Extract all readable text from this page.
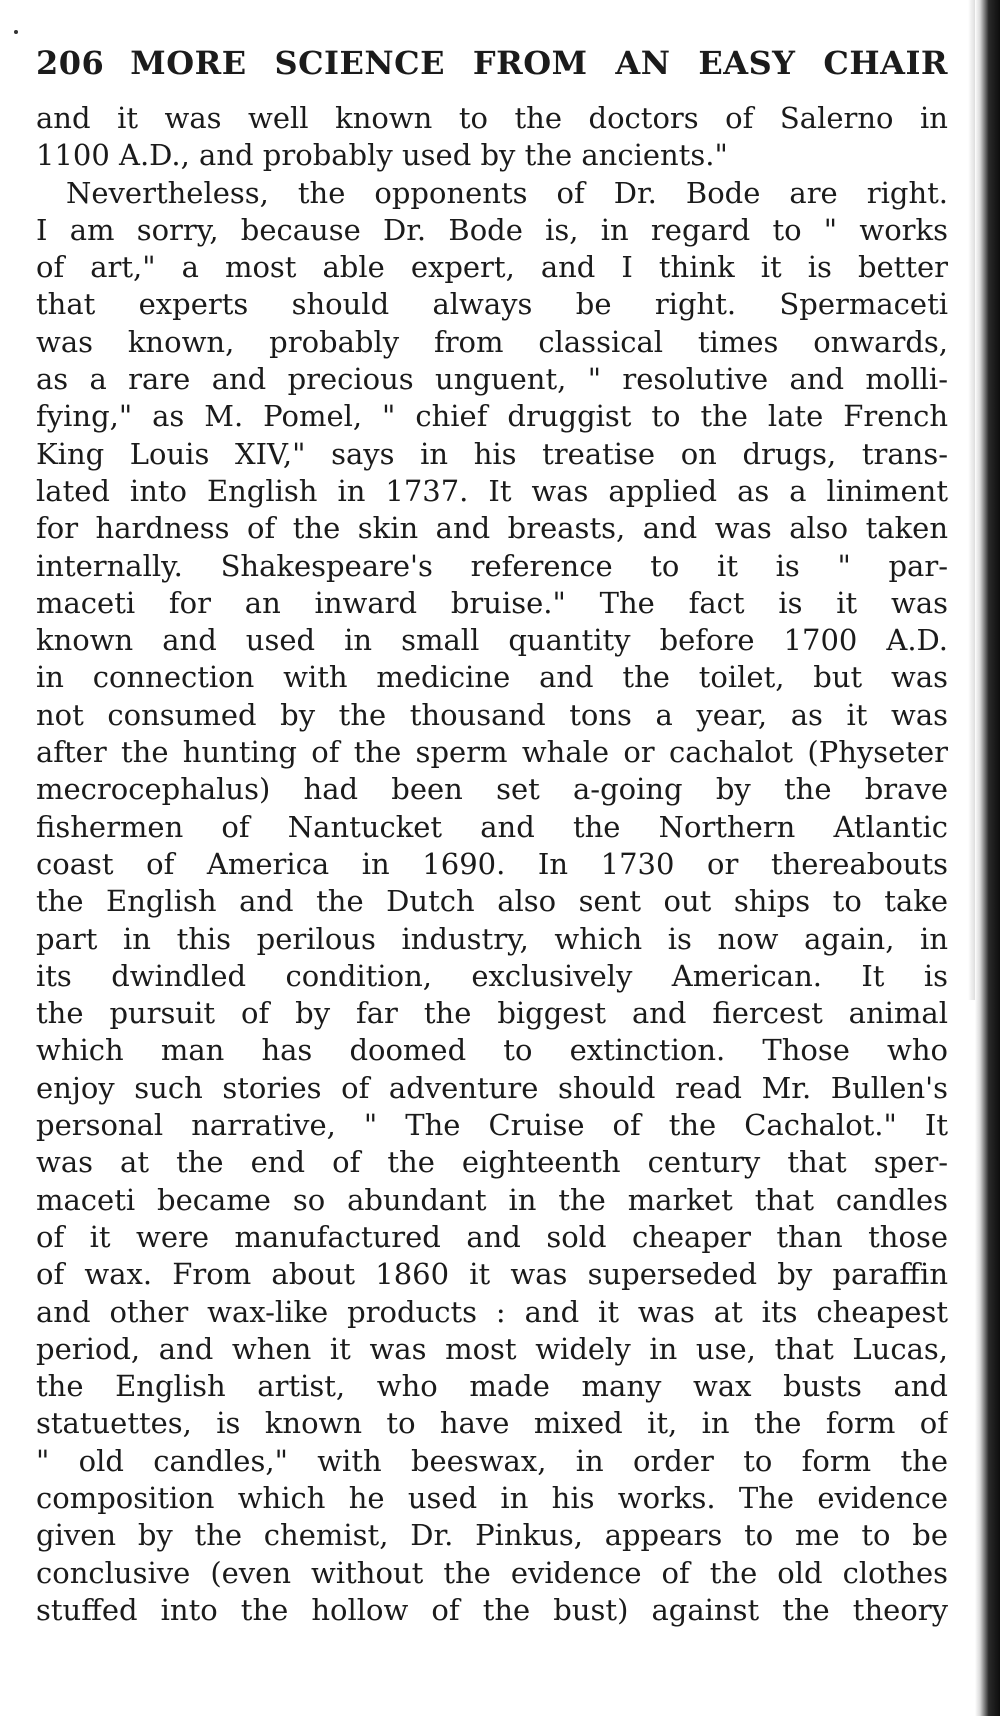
206 MORE SCIENCE FROM AN EASY CHAIR
and it was well known to the doctors of Salerno in
1100 A.D., and probably used by the ancients."
Nevertheless, the opponents of Dr. Bode are right.
I am sorry, because Dr. Bode is, in regard to " works
of art," a most able expert, and I think it is better
that experts should always be right. Spermaceti
was known, probably from classical times onwards,
as a rare and precious unguent, " resolutive and molli-
fying," as M. Pomel, " chief druggist to the late French
King Louis XIV," says in his treatise on drugs, trans-
lated into English in 1737. It was applied as a liniment
for hardness of the skin and breasts, and was also taken
internally. Shakespeare's reference to it is " par-
maceti for an inward bruise." The fact is it was
known and used in small quantity before 1700 A.D.
in connection with medicine and the toilet, but was
not consumed by the thousand tons a year, as it was
after the hunting of the sperm whale or cachalot (Physeter
mecrocephalus) had been set a-going by the brave
fishermen of Nantucket and the Northern Atlantic
coast of America in 1690. In 1730 or thereabouts
the English and the Dutch also sent out ships to take
part in this perilous industry, which is now again, in
its dwindled condition, exclusively American. It is
the pursuit of by far the biggest and fiercest animal
which man has doomed to extinction. Those who
enjoy such stories of adventure should read Mr. Bullen's
personal narrative, " The Cruise of the Cachalot." It
was at the end of the eighteenth century that sper-
maceti became so abundant in the market that candles
of it were manufactured and sold cheaper than those
of wax. From about 1860 it was superseded by paraffin
and other wax-like products : and it was at its cheapest
period, and when it was most widely in use, that Lucas,
the English artist, who made many wax busts and
statuettes, is known to have mixed it, in the form of
" old candles," with beeswax, in order to form the
composition which he used in his works. The evidence
given by the chemist, Dr. Pinkus, appears to me to be
conclusive (even without the evidence of the old clothes
stuffed into the hollow of the bust) against the theory
